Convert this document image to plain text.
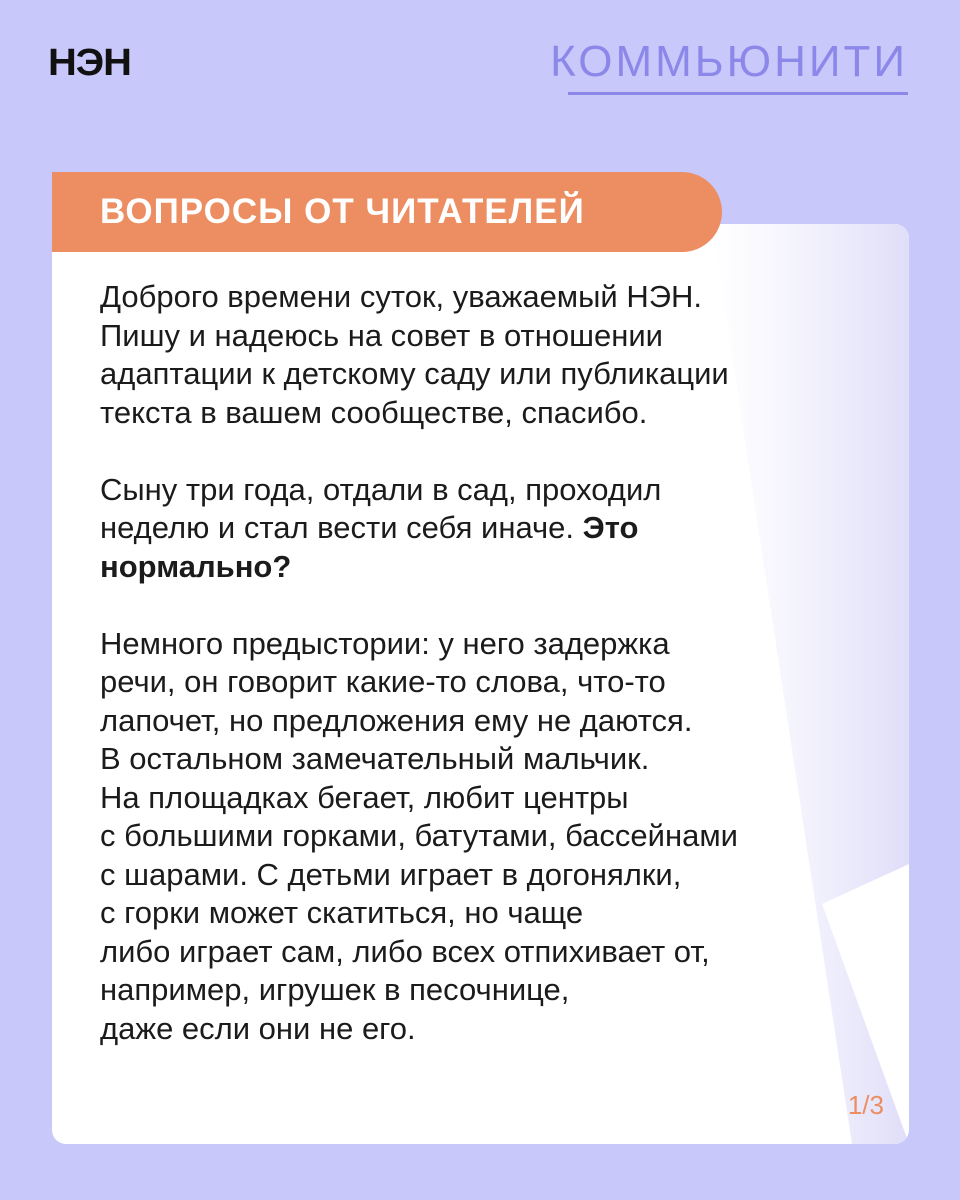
НЭН	КОММЬЮНИТИ
ВОПРОСЫ ОТ ЧИТАТЕЛЕЙ
Доброго времени суток, уважаемый НЭН.
Пишу и надеюсь на совет в отношении
адаптации к детскому саду или публикации
текста в вашем сообществе, спасибо.
Сыну три года, отдали в сад, проходил
неделю и стал вести себя иначе. Это
нормально?
Немного предыстории: у него задержка
речи, он говорит какие-то слова, что-то
лапочет, но предложения ему не даются.
В остальном замечательный мальчик.
На площадках бегает, любит центры
с большими горками, батутами, бассейнами
с шарами. С детьми играет в догонялки,
с горки может скатиться, но чаще
либо играет сам, либо всех отпихивает от,
например, игрушек в песочнице,
даже если они не его.
1/3
